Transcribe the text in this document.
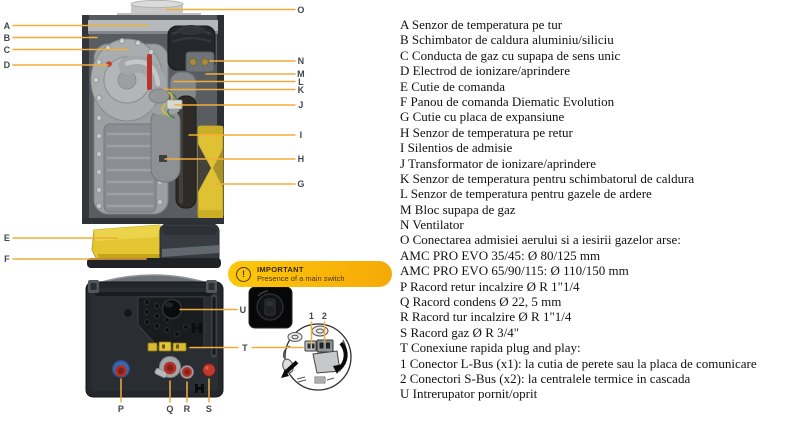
A
B
C
D
E
F
O
N
M
L
K
J
I
H
G
U
T
P	Q R S
1 2
!	IMPORTANT
Presence of a main switch
A Senzor de temperatura pe tur
B Schimbator de caldura aluminiu/siliciu
C Conducta de gaz cu supapa de sens unic
D Electrod de ionizare/aprindere
E Cutie de comanda
F Panou de comanda Diematic Evolution
G Cutie cu placa de expansiune
H Senzor de temperatura pe retur
I Silentios de admisie
J Transformator de ionizare/aprindere
K Senzor de temperatura pentru schimbatorul de caldura
L Senzor de temperatura pentru gazele de ardere
M Bloc supapa de gaz
N Ventilator
O Conectarea admisiei aerului si a iesirii gazelor arse:
AMC PRO EVO 35/45: Ø 80/125 mm
AMC PRO EVO 65/90/115: Ø 110/150 mm
P Racord retur incalzire Ø R 1"1/4
Q Racord condens Ø 22, 5 mm
R Racord tur incalzire Ø R 1"1/4
S Racord gaz Ø R 3/4"
T Conexiune rapida plug and play:
1 Conector L-Bus (x1): la cutia de perete sau la placa de comunicare
2 Conectori S-Bus (x2): la centralele termice in cascada
U Intrerupator pornit/oprit
